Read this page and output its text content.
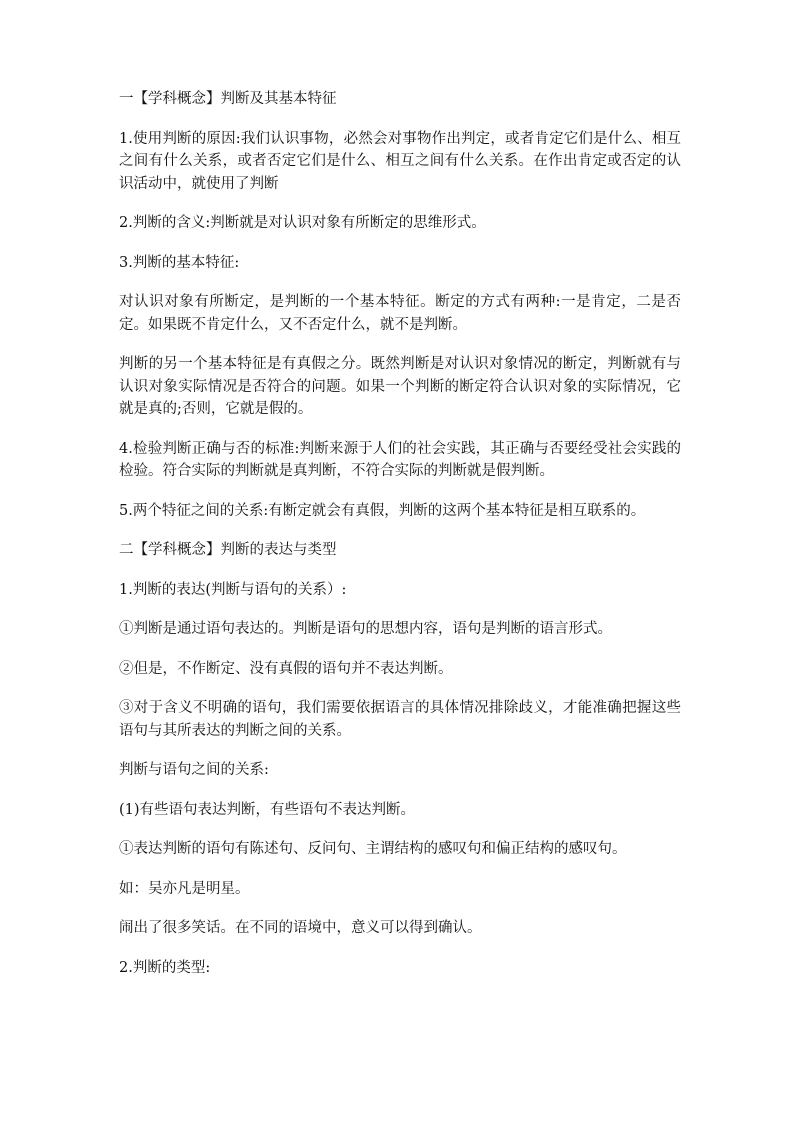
一【学科概念】判断及其基本特征

1.使用判断的原因:我们认识事物，必然会对事物作出判定，或者肯定它们是什么、相互之间有什么关系，或者否定它们是什么、相互之间有什么关系。在作出肯定或否定的认识活动中，就使用了判断

2.判断的含义:判断就是对认识对象有所断定的思维形式。

3.判断的基本特征:

对认识对象有所断定，是判断的一个基本特征。断定的方式有两种:一是肯定，二是否定。如果既不肯定什么，又不否定什么，就不是判断。

判断的另一个基本特征是有真假之分。既然判断是对认识对象情况的断定，判断就有与认识对象实际情况是否符合的问题。如果一个判断的断定符合认识对象的实际情况，它就是真的;否则，它就是假的。

4.检验判断正确与否的标准:判断来源于人们的社会实践，其正确与否要经受社会实践的检验。符合实际的判断就是真判断，不符合实际的判断就是假判断。

5.两个特征之间的关系:有断定就会有真假，判断的这两个基本特征是相互联系的。

二【学科概念】判断的表达与类型

1.判断的表达(判断与语句的关系）:

①判断是通过语句表达的。判断是语句的思想内容，语句是判断的语言形式。

②但是，不作断定、没有真假的语句并不表达判断。

③对于含义不明确的语句，我们需要依据语言的具体情况排除歧义，才能准确把握这些语句与其所表达的判断之间的关系。

判断与语句之间的关系:

(1)有些语句表达判断，有些语句不表达判断。

①表达判断的语句有陈述句、反问句、主谓结构的感叹句和偏正结构的感叹句。

如：吴亦凡是明星。

闹出了很多笑话。在不同的语境中，意义可以得到确认。

2.判断的类型:
